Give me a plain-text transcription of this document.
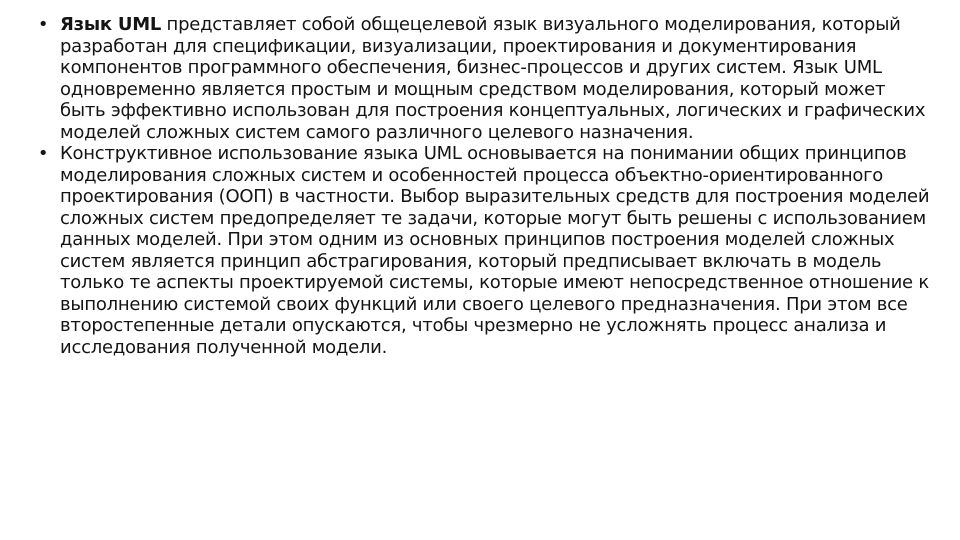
• Язык UML представляет собой общецелевой язык визуального моделирования, который разработан для спецификации, визуализации, проектирования и документирования компонентов программного обеспечения, бизнес-процессов и других систем. Язык UML одновременно является простым и мощным средством моделирования, который может быть эффективно использован для построения концептуальных, логических и графических моделей сложных систем самого различного целевого назначения.

• Конструктивное использование языка UML основывается на понимании общих принципов моделирования сложных систем и особенностей процесса объектно-ориентированного проектирования (ООП) в частности. Выбор выразительных средств для построения моделей сложных систем предопределяет те задачи, которые могут быть решены с использованием данных моделей. При этом одним из основных принципов построения моделей сложных систем является принцип абстрагирования, который предписывает включать в модель только те аспекты проектируемой системы, которые имеют непосредственное отношение к выполнению системой своих функций или своего целевого предназначения. При этом все второстепенные детали опускаются, чтобы чрезмерно не усложнять процесс анализа и исследования полученной модели.
